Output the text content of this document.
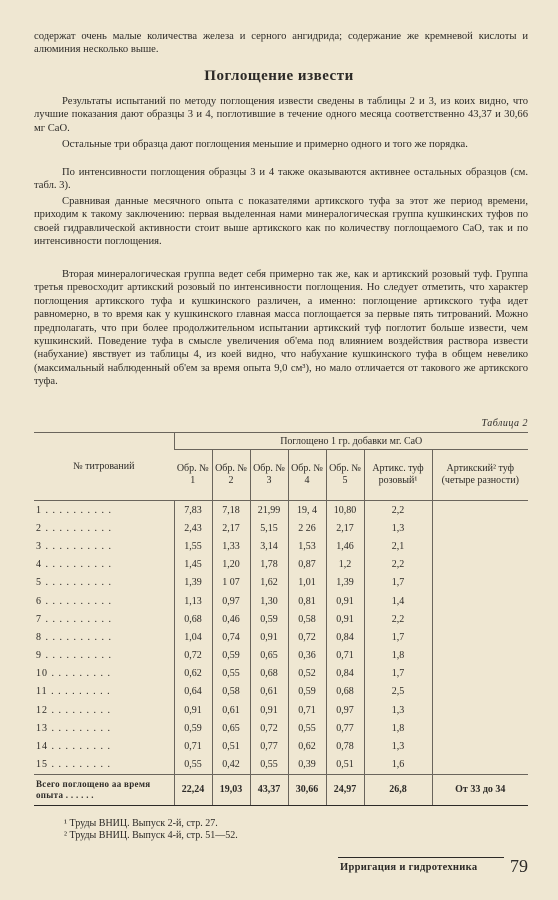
содержат очень малые количества железа и серного ангидрида; содержание же кремневой кислоты и алюминия несколько выше.

Поглощение извести

Результаты испытаний по методу поглощения извести сведены в таблицы 2 и 3, из коих видно, что лучшие показания дают образцы 3 и 4, поглотившие в течение одного месяца соответственно 43,37 и 30,66 мг CaO.

Остальные три образца дают поглощения меньшие и примерно одного и того же порядка.

По интенсивности поглощения образцы 3 и 4 также оказываются активнее остальных образцов (см. табл. 3).

Сравнивая данные месячного опыта с показателями артикского туфа за этот же период времени, приходим к такому заключению: первая выделенная нами минералогическая группа кушкинских туфов по своей гидравлической активности стоит выше артикского как по количеству поглощаемого CaO, так и по интенсивности поглощения.

Вторая минералогическая группа ведет себя примерно так же, как и артикский розовый туф. Группа третья превосходит артикский розовый по интенсивности поглощения. Но следует отметить, что характер поглощения артикского туфа и кушкинского различен, а именно: поглощение артикского туфа идет равномерно, в то время как у кушкинского главная масса поглощается за первые пять титрований. Можно предполагать, что при более продолжительном испытании артикский туф поглотит больше извести, чем кушкинский. Поведение туфа в смысле увеличения об'ема под влиянием воздействия раствора извести (набухание) явствует из таблицы 4, из коей видно, что набухание кушкинского туфа в общем невелико (максимальный наблюденный об'ем за время опыта 9,0 см³), но мало отличается от такового же артикского туфа.

Таблица 2
№ титрований	Поглощено 1 гр. добавки мг. CaO						
	Обр. № 1	Обр. № 2	Обр. № 3	Обр. № 4	Обр. № 5	Артикс. туф розовый¹	Артикский² туф (четыре разности)
1 . . . . . . . . . .	7,83	7,18	21,99	19, 4	10,80	2,2	
2 . . . . . . . . . .	2,43	2,17	5,15	2 26	2,17	1,3	
3 . . . . . . . . . .	1,55	1,33	3,14	1,53	1,46	2,1	
4 . . . . . . . . . .	1,45	1,20	1,78	0,87	1,2	2,2	
5 . . . . . . . . . .	1,39	1 07	1,62	1,01	1,39	1,7	
6 . . . . . . . . . .	1,13	0,97	1,30	0,81	0,91	1,4	
7 . . . . . . . . . .	0,68	0,46	0,59	0,58	0,91	2,2	
8 . . . . . . . . . .	1,04	0,74	0,91	0,72	0,84	1,7	
9 . . . . . . . . . .	0,72	0,59	0,65	0,36	0,71	1,8	
10 . . . . . . . . .	0,62	0,55	0,68	0,52	0,84	1,7	
11 . . . . . . . . .	0,64	0,58	0,61	0,59	0,68	2,5	
12 . . . . . . . . .	0,91	0,61	0,91	0,71	0,97	1,3	
13 . . . . . . . . .	0,59	0,65	0,72	0,55	0,77	1,8	
14 . . . . . . . . .	0,71	0,51	0,77	0,62	0,78	1,3	
15 . . . . . . . . .	0,55	0,42	0,55	0,39	0,51	1,6	
Всего поглощено аа время опыта . . . . . .	22,24	19,03	43,37	30,66	24,97	26,8	От 33 до 34

¹ Труды ВНИЦ. Выпуск 2-й, стр. 27.

² Труды ВНИЦ. Выпуск 4-й, стр. 51—52.

Ирригация и гидротехника 79
